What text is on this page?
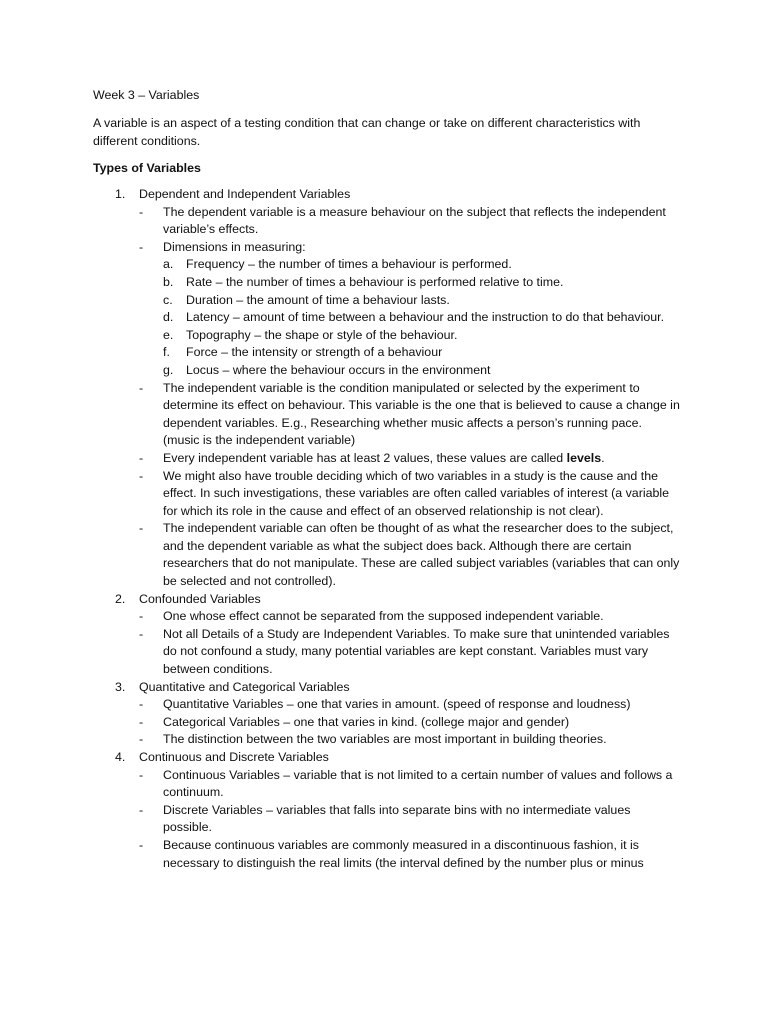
Week 3 – Variables

A variable is an aspect of a testing condition that can change or take on different characteristics with different conditions.

Types of Variables

1. Dependent and Independent Variables
- The dependent variable is a measure behaviour on the subject that reflects the independent variable’s effects.
- Dimensions in measuring:
a. Frequency – the number of times a behaviour is performed.
b. Rate – the number of times a behaviour is performed relative to time.
c. Duration – the amount of time a behaviour lasts.
d. Latency – amount of time between a behaviour and the instruction to do that behaviour.
e. Topography – the shape or style of the behaviour.
f. Force – the intensity or strength of a behaviour
g. Locus – where the behaviour occurs in the environment
- The independent variable is the condition manipulated or selected by the experiment to determine its effect on behaviour. This variable is the one that is believed to cause a change in dependent variables. E.g., Researching whether music affects a person’s running pace. (music is the independent variable)
- Every independent variable has at least 2 values, these values are called levels.
- We might also have trouble deciding which of two variables in a study is the cause and the effect. In such investigations, these variables are often called variables of interest (a variable for which its role in the cause and effect of an observed relationship is not clear).
- The independent variable can often be thought of as what the researcher does to the subject, and the dependent variable as what the subject does back. Although there are certain researchers that do not manipulate. These are called subject variables (variables that can only be selected and not controlled).
2. Confounded Variables
- One whose effect cannot be separated from the supposed independent variable.
- Not all Details of a Study are Independent Variables. To make sure that unintended variables do not confound a study, many potential variables are kept constant. Variables must vary between conditions.
3. Quantitative and Categorical Variables
- Quantitative Variables – one that varies in amount. (speed of response and loudness)
- Categorical Variables – one that varies in kind. (college major and gender)
- The distinction between the two variables are most important in building theories.
4. Continuous and Discrete Variables
- Continuous Variables – variable that is not limited to a certain number of values and follows a continuum.
- Discrete Variables – variables that falls into separate bins with no intermediate values possible.
- Because continuous variables are commonly measured in a discontinuous fashion, it is necessary to distinguish the real limits (the interval defined by the number plus or minus
